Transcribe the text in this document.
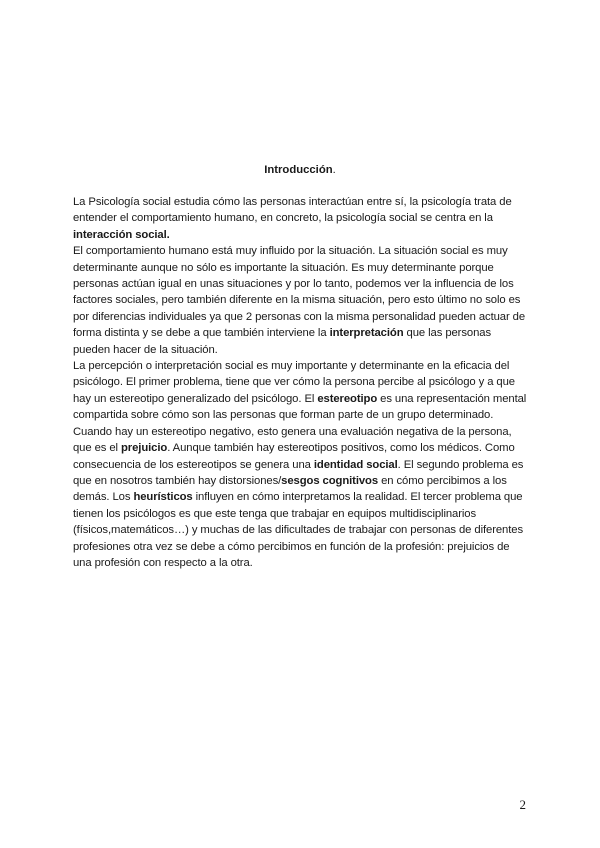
Introducción.

La Psicología social estudia cómo las personas interactúan entre sí, la psicología trata de entender el comportamiento humano, en concreto, la psicología social se centra en la interacción social.

El comportamiento humano está muy influido por la situación. La situación social es muy determinante aunque no sólo es importante la situación. Es muy determinante porque personas actúan igual en unas situaciones y por lo tanto, podemos ver la influencia de los factores sociales, pero también diferente en la misma situación, pero esto último no solo es por diferencias individuales ya que 2 personas con la misma personalidad pueden actuar de forma distinta y se debe a que también interviene la interpretación que las personas pueden hacer de la situación.

La percepción o interpretación social es muy importante y determinante en la eficacia del psicólogo. El primer problema, tiene que ver cómo la persona percibe al psicólogo y a que hay un estereotipo generalizado del psicólogo. El estereotipo es una representación mental compartida sobre cómo son las personas que forman parte de un grupo determinado. Cuando hay un estereotipo negativo, esto genera una evaluación negativa de la persona, que es el prejuicio. Aunque también hay estereotipos positivos, como los médicos. Como consecuencia de los estereotipos se genera una identidad social. El segundo problema es que en nosotros también hay distorsiones/sesgos cognitivos en cómo percibimos a los demás. Los heurísticos influyen en cómo interpretamos la realidad. El tercer problema que tienen los psicólogos es que este tenga que trabajar en equipos multidisciplinarios (físicos,matemáticos…) y muchas de las dificultades de trabajar con personas de diferentes profesiones otra vez se debe a cómo percibimos en función de la profesión: prejuicios de una profesión con respecto a la otra.

2
